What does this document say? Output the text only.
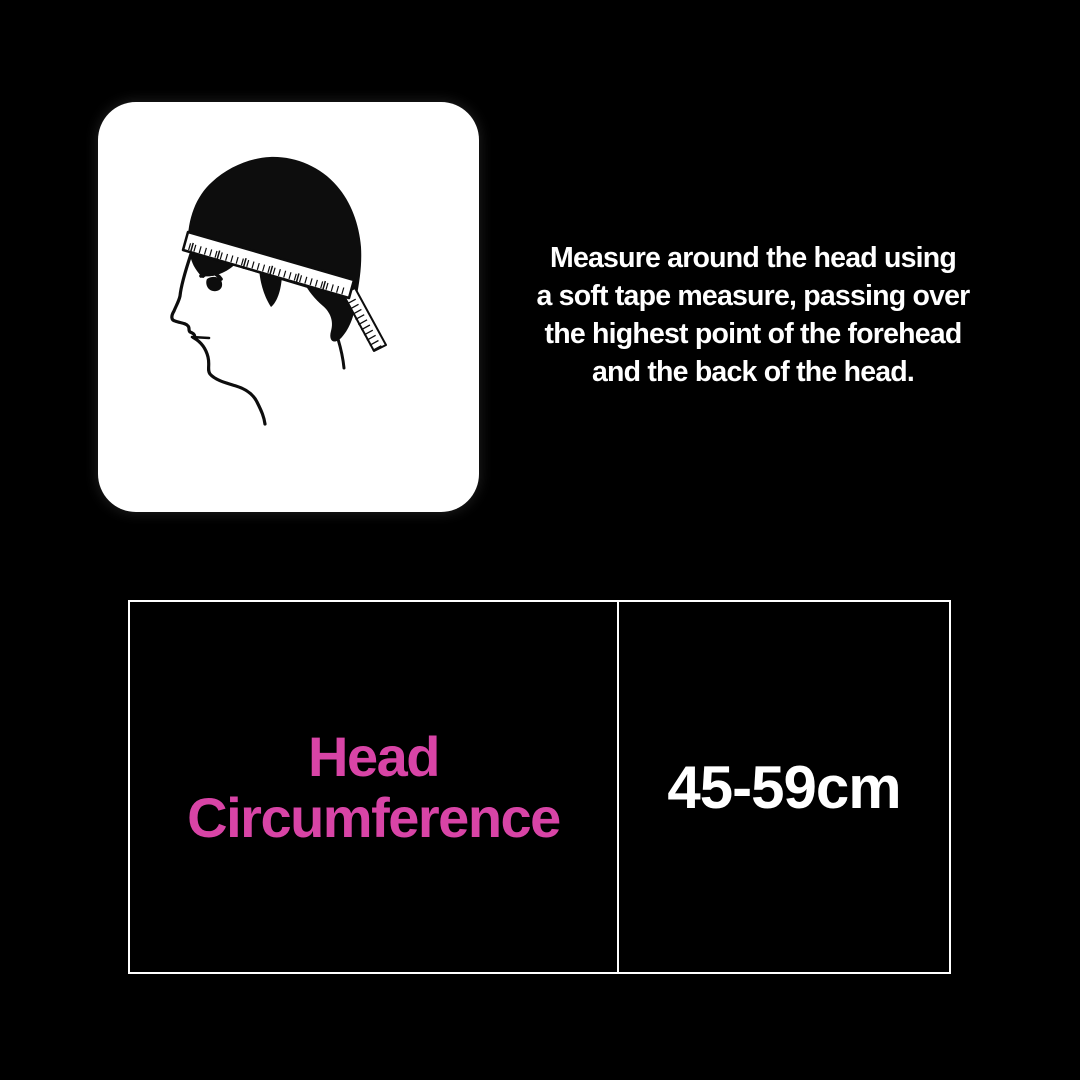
Measure around the head using
a soft tape measure, passing over
the highest point of the forehead
and the back of the head.
Head Circumference	45-59cm
